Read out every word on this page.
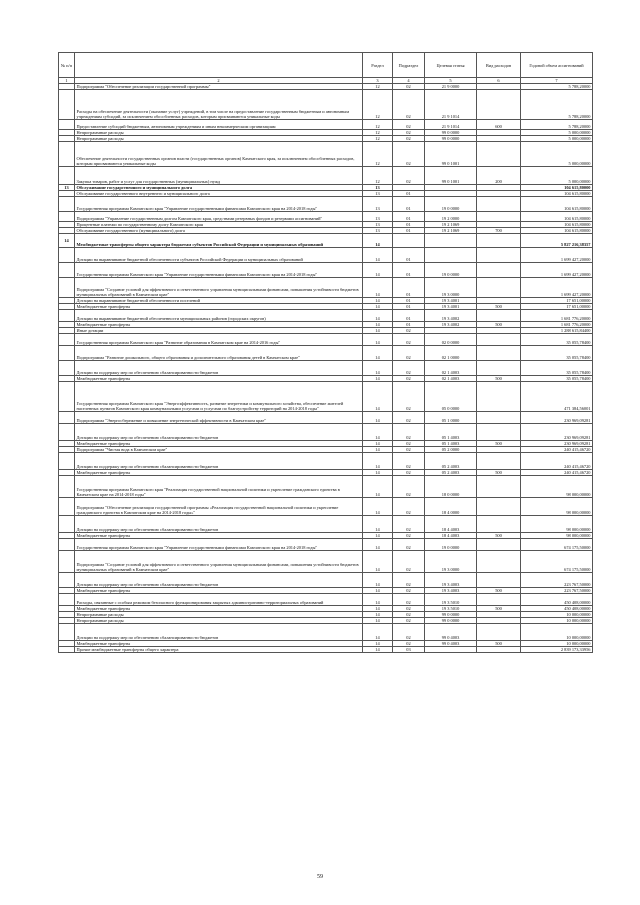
№ п/п		Раздел	Подраздел	Целевая статья	Вид расходов	Годовой объем ассигнований
1	2	3	4	5	6	7
	Подпрограмма "Обеспечение реализации государственной программы"	12	02	21 9 0000		5 788,20000
	Расходы на обеспечение деятельности (оказание услуг) учреждений, в том числе на предоставление государственным бюджетным и автономным учреждениям субсидий, за исключением обособленных расходов, которым присваиваются уникальные коды	12	02	21 9 1014		5 788,20000
	Предоставление субсидий бюджетным, автономным учреждениям и иным некоммерческим организациям	12	02	21 9 1014	600	5 788,20000
	Непрограммные расходы	12	02	99 0 0000		5 000,00000
	Непрограммные расходы	12	02	99 0 0000		5 000,00000
	Обеспечение деятельности государственных органов власти (государственных органов) Камчатского края, за исключением обособленных расходов, которым присваиваются уникальные коды	12	02	99 0 1001		5 000,00000
	Закупка товаров, работ и услуг для государственных (муниципальных) нужд	12	02	99 0 1001	200	5 000,00000
13	Обслуживание государственного и муниципального долга	13				104 615,80000
	Обслуживание государственного внутреннего и муниципального долга	13	01			104 615,80000
	Государственная программа Камчатского края "Управление государственными финансами Камчатского края на 2014-2018 годы"	13	01	19 0 0000		104 615,80000
	Подпрограмма "Управление государственным долгом Камчатского края, средствами резервных фондов и резервами ассигнований"	13	01	19 2 0000		104 615,80000
	Процентные платежи по государственному долгу Камчатского края	13	01	19 2 1069		104 615,80000
	Обслуживание государственного (муниципального) долга	13	01	19 2 1069	700	104 615,80000
14	Межбюджетные трансферты общего характера бюджетам субъектов Российской Федерации и муниципальных образований	14				5 827 216,38357
	Дотации на выравнивание бюджетной обеспеченности субъектов Российской Федерации и муниципальных образований	14	01			1 699 427,20000
	Государственная программа Камчатского края "Управление государственными финансами Камчатского края на 2014-2018 годы"	14	01	19 0 0000		1 699 427,20000
	Подпрограмма "Создание условий для эффективного и ответственного управления муниципальными финансами, повышения устойчивости бюджетов муниципальных образований в Камчатском крае"	14	01	19 3 0000		1 699 427,20000
	Дотации на выравнивание бюджетной обеспеченности поселений	14	01	19 3 4001		17 651,00000
	Межбюджетные трансферты	14	01	19 3 4001	500	17 651,00000
	Дотации на выравнивание бюджетной обеспеченности муниципальных районов (городских округов)	14	01	19 3 4002		1 681 776,20000
	Межбюджетные трансферты	14	01	19 3 4002	500	1 681 776,20000
	Иные дотации	14	02			1 288 615,84400
	Государственная программа Камчатского края "Развитие образования в Камчатском крае на 2014-2016 годы"	14	02	02 0 0000		35 055,78400
	Подпрограмма "Развитие дошкольного, общего образования и дополнительного образования детей в Камчатском крае"	14	02	02 1 0000		35 055,78400
	Дотации на поддержку мер по обеспечению сбалансированности бюджетов	14	02	02 1 4003		35 055,78400
	Межбюджетные трансферты	14	02	02 1 4003	500	35 055,78400
	Государственная программа Камчатского края "Энергоэффективность, развитие энергетики и коммунального хозяйства, обеспечение жителей населенных пунктов Камчатского края коммунальными услугами и услугами по благоустройству территорий на 2014-2018 годы"	14	02	05 0 0000		471 384,56001
	Подпрограмма "Энергосбережение и повышение энергетической эффективности в Камчатском крае"	14	02	05 1 0000		230 969,09281
	Дотации на поддержку мер по обеспечению сбалансированности бюджетов	14	02	05 1 4003		230 969,09281
	Межбюджетные трансферты	14	02	05 1 4003	500	230 969,09281
	Подпрограмма "Чистая вода в Камчатском крае"	14	02	05 2 0000		240 415,46720
	Дотации на поддержку мер по обеспечению сбалансированности бюджетов	14	02	05 2 4003		240 415,46720
	Межбюджетные трансферты	14	02	05 2 4003	500	240 415,46720
	Государственная программа Камчатского края "Реализация государственной национальной политики и укрепление гражданского единства в Камчатском крае на 2014-2018 годы"	14	02	18 0 0000		98 000,00000
	Подпрограмма "Обеспечение реализации государственной программы «Реализация государственной национальной политики и укрепление гражданского единства в Камчатском крае на 2014-2018 годы»"	14	02	18 4 0000		98 000,00000
	Дотации на поддержку мер по обеспечению сбалансированности бюджетов	14	02	18 4 4003		98 000,00000
	Межбюджетные трансферты	14	02	18 4 4003	500	98 000,00000
	Государственная программа Камчатского края "Управление государственными финансами Камчатского края на 2014-2018 годы"	14	02	19 0 0000		674 175,50000
	Подпрограмма "Создание условий для эффективного и ответственного управления муниципальными финансами, повышения устойчивости бюджетов муниципальных образований в Камчатском крае"	14	02	19 3 0000		674 175,50000
	Дотации на поддержку мер по обеспечению сбалансированности бюджетов	14	02	19 3 4003		223 767,50000
	Межбюджетные трансферты	14	02	19 3 4003	500	223 767,50000
	Расходы, связанные с особым режимом безопасного функционирования закрытых административно-территориальных образований	14	02	19 3 5010		450 408,00000
	Межбюджетные трансферты	14	02	19 3 5010	500	450 408,00000
	Непрограммные расходы	14	02	99 0 0000		10 000,00000
	Непрограммные расходы	14	02	99 0 0000		10 000,00000
	Дотации на поддержку мер по обеспечению сбалансированности бюджетов	14	02	99 0 4003		10 000,00000
	Межбюджетные трансферты	14	02	99 0 4003	500	10 000,00000
	Прочие межбюджетные трансферты общего характера	14	03			2 839 173,33956
59
